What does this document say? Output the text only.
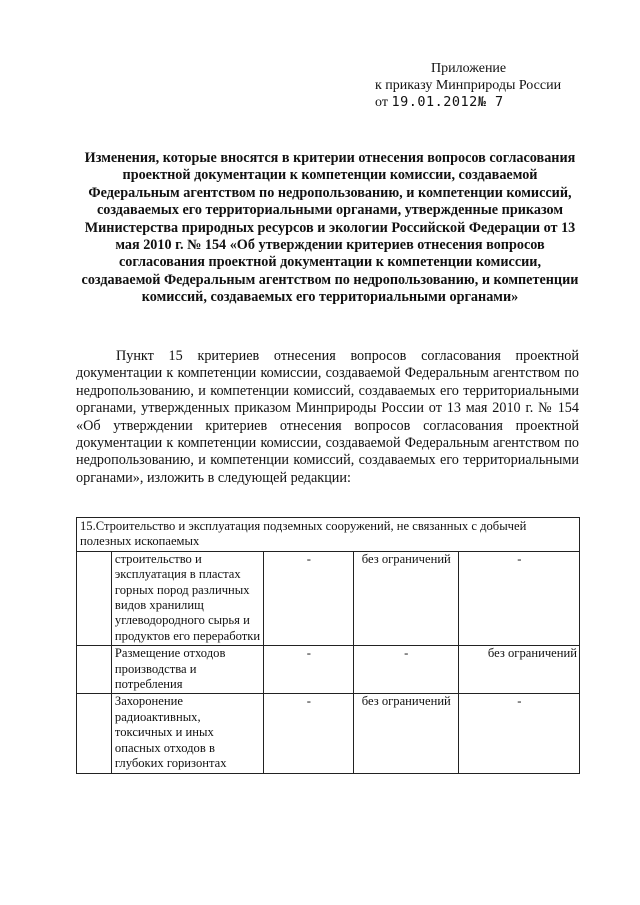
Приложение
к приказу Минприроды России
от 19.01.2012№ 7
Изменения, которые вносятся в критерии отнесения вопросов согласования проектной документации к компетенции комиссии, создаваемой Федеральным агентством по недропользованию, и компетенции комиссий, создаваемых его территориальными органами, утвержденные приказом Министерства природных ресурсов и экологии Российской Федерации от 13 мая 2010 г. № 154 «Об утверждении критериев отнесения вопросов согласования проектной документации к компетенции комиссии, создаваемой Федеральным агентством по недропользованию, и компетенции комиссий, создаваемых его территориальными органами»
Пункт 15 критериев отнесения вопросов согласования проектной документации к компетенции комиссии, создаваемой Федеральным агентством по недропользованию, и компетенции комиссий, создаваемых его территориальными органами, утвержденных приказом Минприроды России от 13 мая 2010 г. № 154 «Об утверждении критериев отнесения вопросов согласования проектной документации к компетенции комиссии, создаваемой Федеральным агентством по недропользованию, и компетенции комиссий, создаваемых его территориальными органами», изложить в следующей редакции:
15.Строительство и эксплуатация подземных сооружений, не связанных с добычей полезных ископаемых				
	строительство и эксплуатация в пластах горных пород различных видов хранилищ углеводородного сырья и продуктов его переработки	-	без ограничений	-
	Размещение отходов производства и потребления	-	-	без ограничений
	Захоронение радиоактивных, токсичных и иных опасных отходов в глубоких горизонтах	-	без ограничений	-
